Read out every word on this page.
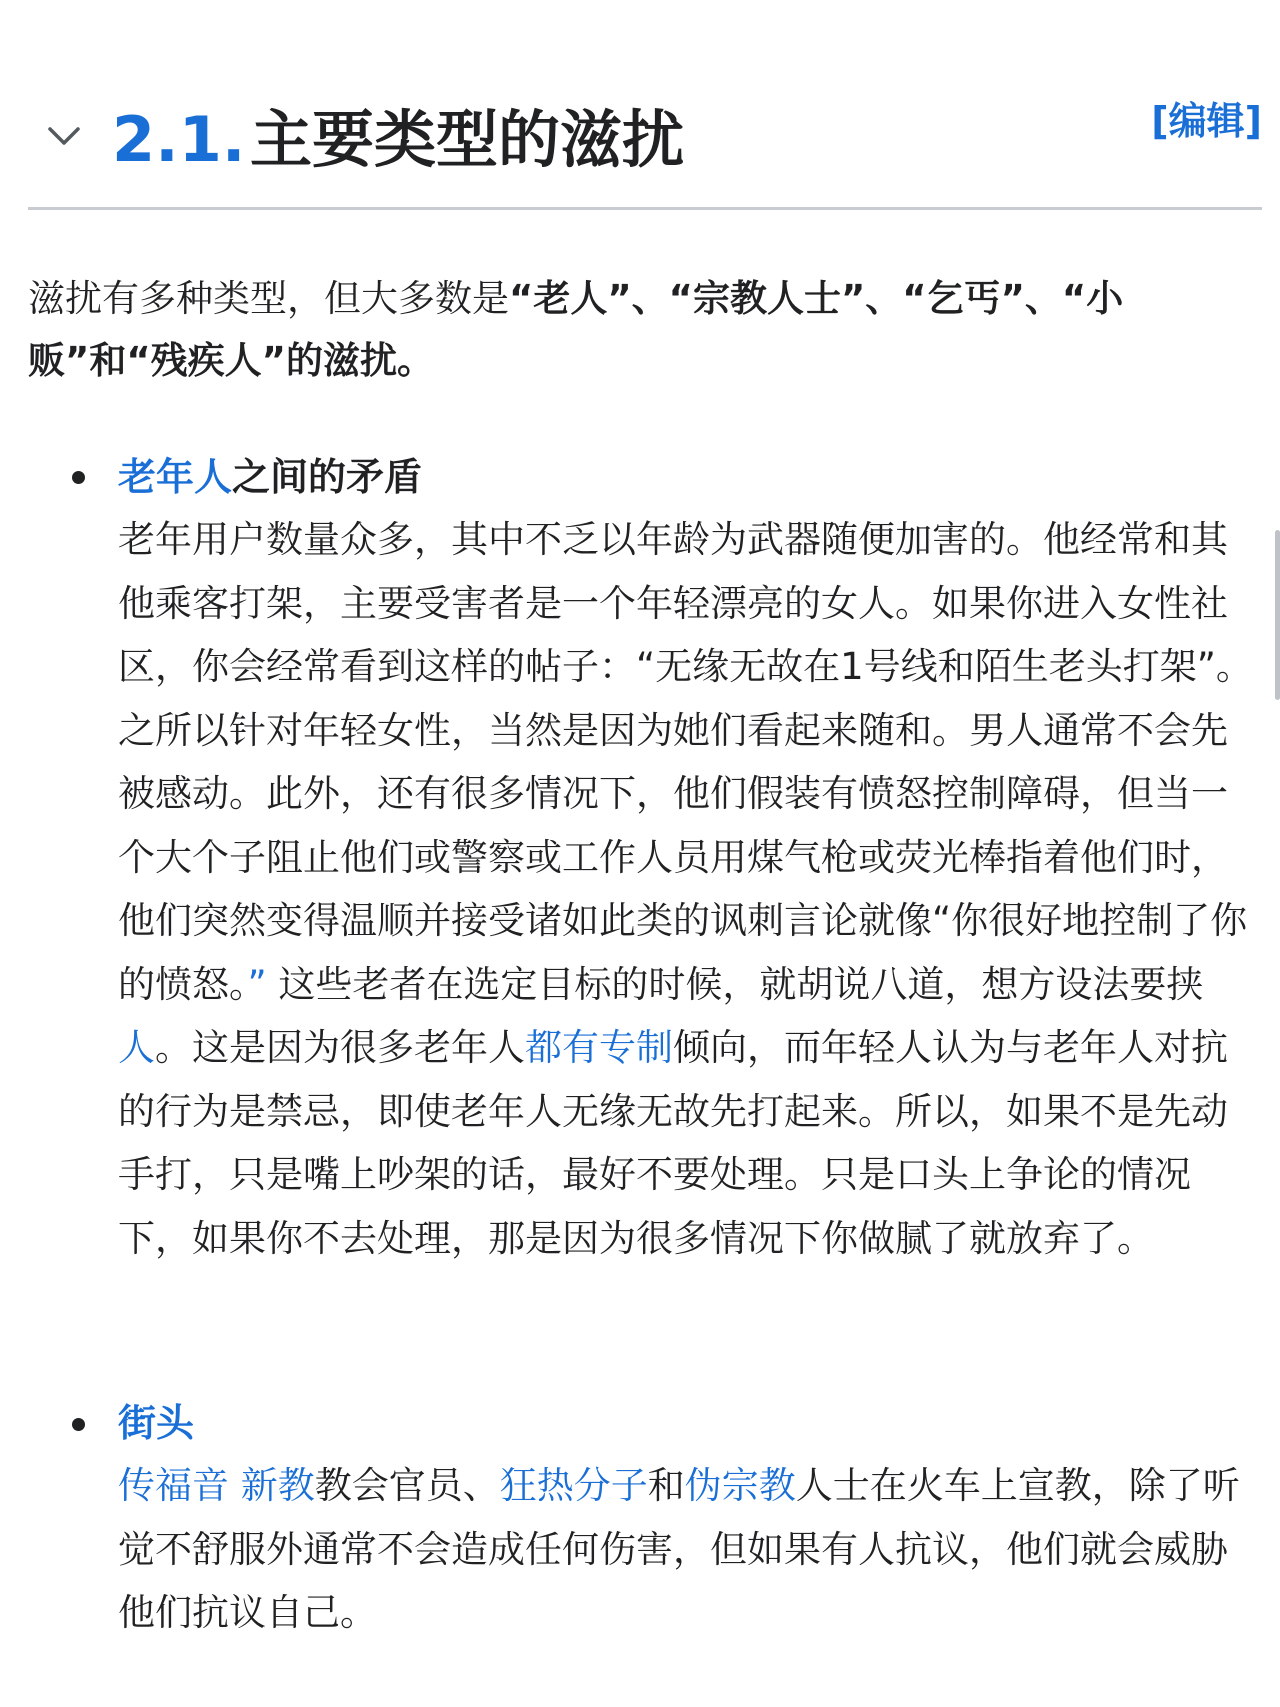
2.1. 主要类型的滋扰	[编辑]
滋扰有多种类型，但大多数是“老人”、“宗教人士”、“乞丐”、“小贩”和“残疾人”的滋扰。
老年人之间的矛盾
老年用户数量众多，其中不乏以年龄为武器随便加害的。他经常和其他乘客打架，主要受害者是一个年轻漂亮的女人。如果你进入女性社区，你会经常看到这样的帖子：“无缘无故在1号线和陌生老头打架”。之所以针对年轻女性，当然是因为她们看起来随和。男人通常不会先被感动。此外，还有很多情况下，他们假装有愤怒控制障碍，但当一个大个子阻止他们或警察或工作人员用煤气枪或荧光棒指着他们时，他们突然变得温顺并接受诸如此类的讽刺言论就像“你很好地控制了你的愤怒。” 这些老者在选定目标的时候，就胡说八道，想方设法要挟人。这是因为很多老年人都有专制倾向，而年轻人认为与老年人对抗的行为是禁忌，即使老年人无缘无故先打起来。所以，如果不是先动手打，只是嘴上吵架的话，最好不要处理。只是口头上争论的情况下，如果你不去处理，那是因为很多情况下你做腻了就放弃了。
街头
传福音 新教教会官员、狂热分子和伪宗教人士在火车上宣教，除了听觉不舒服外通常不会造成任何伤害，但如果有人抗议，他们就会威胁他们抗议自己。
